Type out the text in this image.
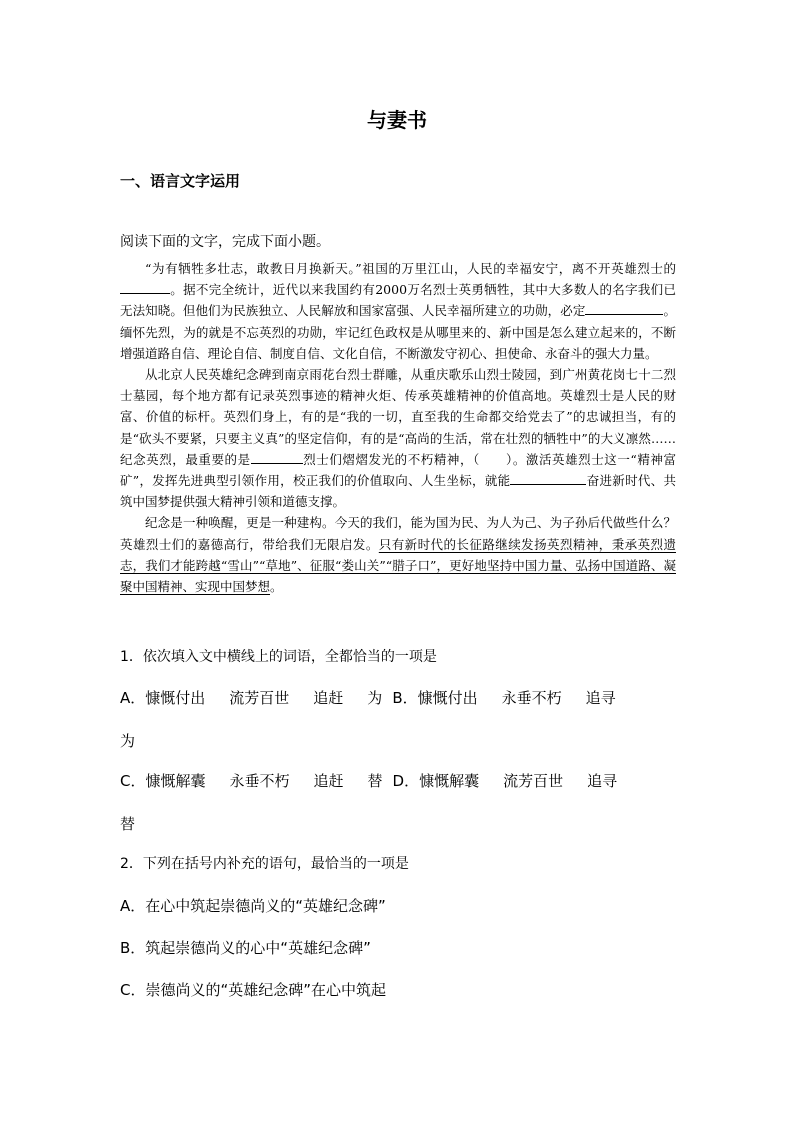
与妻书
一、语言文字运用
阅读下面的文字，完成下面小题。

“为有牺牲多壮志，敢教日月换新天。”祖国的万里江山，人民的幸福安宁，离不开英雄烈士的。据不完全统计，近代以来我国约有2000万名烈士英勇牺牲，其中大多数人的名字我们已无法知晓。但他们为民族独立、人民解放和国家富强、人民幸福所建立的功勋，必定	。缅怀先烈，为的就是不忘英烈的功勋，牢记红色政权是从哪里来的、新中国是怎么建立起来的，不断增强道路自信、理论自信、制度自信、文化自信，不断激发守初心、担使命、永奋斗的强大力量。

从北京人民英雄纪念碑到南京雨花台烈士群雕，从重庆歌乐山烈士陵园，到广州黄花岗七十二烈士墓园，每个地方都有记录英烈事迹的精神火炬、传承英雄精神的价值高地。英雄烈士是人民的财富、价值的标杆。英烈们身上，有的是“我的一切，直至我的生命都交给党去了”的忠诚担当，有的是“砍头不要紧，只要主义真”的坚定信仰，有的是“高尚的生活，常在壮烈的牺牲中”的大义凛然……纪念英烈，最重要的是	烈士们熠熠发光的不朽精神，（　　）。激活英雄烈士这一“精神富矿”，发挥先进典型引领作用，校正我们的价值取向、人生坐标，就能	奋进新时代、共筑中国梦提供强大精神引领和道德支撑。

纪念是一种唤醒，更是一种建构。今天的我们，能为国为民、为人为己、为子孙后代做些什么？英雄烈士们的嘉德高行，带给我们无限启发。只有新时代的长征路继续发扬英烈精神，秉承英烈遗志，我们才能跨越“雪山”“草地”、征服“娄山关”“腊子口”，更好地坚持中国力量、弘扬中国道路、凝聚中国精神、实现中国梦想。

1．依次填入文中横线上的词语，全都恰当的一项是
A．慷慨付出 流芳百世 追赶 为 B．慷慨付出 永垂不朽 追寻
为
C．慷慨解囊 永垂不朽 追赶 替 D．慷慨解囊 流芳百世 追寻
替
2．下列在括号内补充的语句，最恰当的一项是
A．在心中筑起崇德尚义的“英雄纪念碑”
B．筑起崇德尚义的心中“英雄纪念碑”
C．崇德尚义的“英雄纪念碑”在心中筑起
